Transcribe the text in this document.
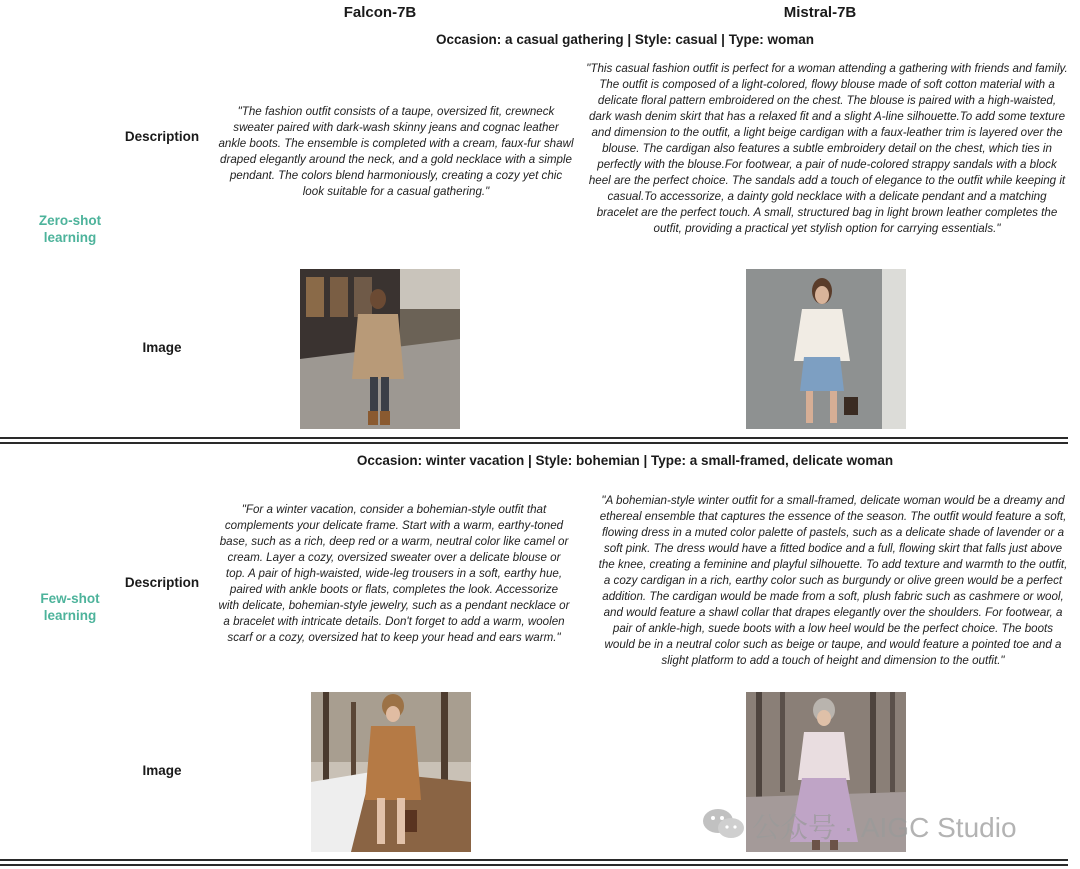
Falcon-7B	Mistral-7B
Occasion: a casual gathering | Style: casual | Type: woman
Zero-shot
learning
Description
Image
"The fashion outfit consists of a taupe, oversized fit, crewneck sweater paired with dark-wash skinny jeans and cognac leather ankle boots. The ensemble is completed with a cream, faux-fur shawl draped elegantly around the neck, and a gold necklace with a simple pendant. The colors blend harmoniously, creating a cozy yet chic look suitable for a casual gathering."
"This casual fashion outfit is perfect for a woman attending a gathering with friends and family. The outfit is composed of a light-colored, flowy blouse made of soft cotton material with a delicate floral pattern embroidered on the chest. The blouse is paired with a high-waisted, dark wash denim skirt that has a relaxed fit and a slight A-line silhouette.To add some texture and dimension to the outfit, a light beige cardigan with a faux-leather trim is layered over the blouse. The cardigan also features a subtle embroidery detail on the chest, which ties in perfectly with the blouse.For footwear, a pair of nude-colored strappy sandals with a block heel are the perfect choice. The sandals add a touch of elegance to the outfit while keeping it casual.To accessorize, a dainty gold necklace with a delicate pendant and a matching bracelet are the perfect touch. A small, structured bag in light brown leather completes the outfit, providing a practical yet stylish option for carrying essentials."
Occasion: winter vacation | Style: bohemian | Type: a small-framed, delicate woman
Few-shot
learning
Description
Image
"For a winter vacation, consider a bohemian-style outfit that complements your delicate frame. Start with a warm, earthy-toned base, such as a rich, deep red or a warm, neutral color like camel or cream. Layer a cozy, oversized sweater over a delicate blouse or top. A pair of high-waisted, wide-leg trousers in a soft, earthy hue, paired with ankle boots or flats, completes the look. Accessorize with delicate, bohemian-style jewelry, such as a pendant necklace or a bracelet with intricate details. Don't forget to add a warm, woolen scarf or a cozy, oversized hat to keep your head and ears warm."
"A bohemian-style winter outfit for a small-framed, delicate woman would be a dreamy and ethereal ensemble that captures the essence of the season. The outfit would feature a soft, flowing dress in a muted color palette of pastels, such as a delicate shade of lavender or a soft pink. The dress would have a fitted bodice and a full, flowing skirt that falls just above the knee, creating a feminine and playful silhouette. To add texture and warmth to the outfit, a cozy cardigan in a rich, earthy color such as burgundy or olive green would be a perfect addition. The cardigan would be made from a soft, plush fabric such as cashmere or wool, and would feature a shawl collar that drapes elegantly over the shoulders. For footwear, a pair of ankle-high, suede boots with a low heel would be the perfect choice. The boots would be in a neutral color such as beige or taupe, and would feature a pointed toe and a slight platform to add a touch of height and dimension to the outfit."
公众号 · AIGC Studio
